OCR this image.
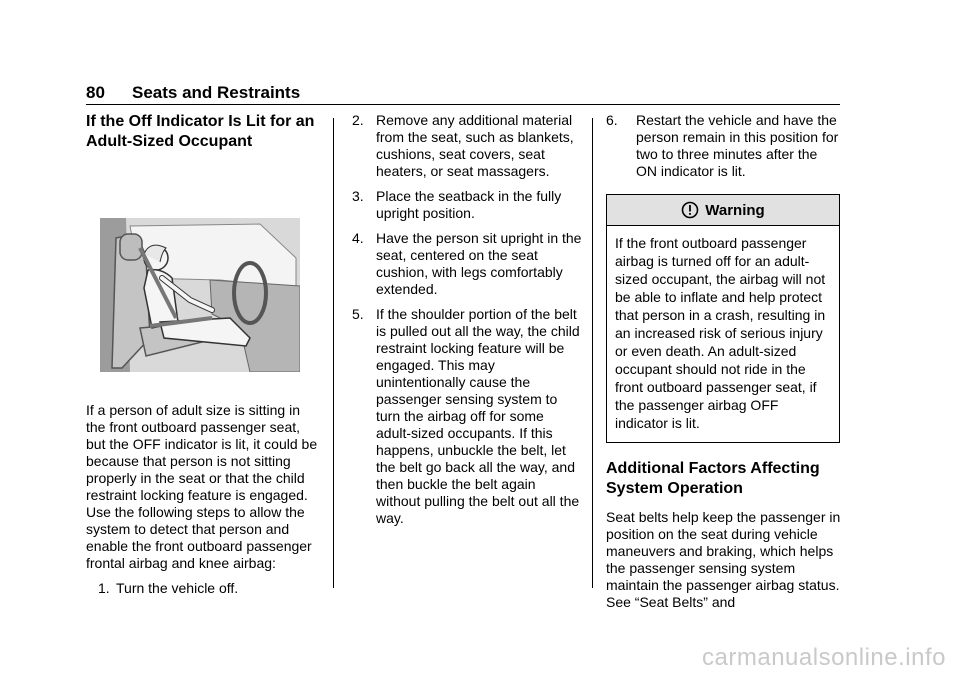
80 Seats and Restraints
If the Off Indicator Is Lit for an Adult-Sized Occupant

If a person of adult size is sitting in the front outboard passenger seat, but the OFF indicator is lit, it could be because that person is not sitting properly in the seat or that the child restraint locking feature is engaged. Use the following steps to allow the system to detect that person and enable the front outboard passenger frontal airbag and knee airbag:

1. Turn the vehicle off.
2. Remove any additional material from the seat, such as blankets, cushions, seat covers, seat heaters, or seat massagers.
3. Place the seatback in the fully upright position.
4. Have the person sit upright in the seat, centered on the seat cushion, with legs comfortably extended.
5. If the shoulder portion of the belt is pulled out all the way, the child restraint locking feature will be engaged. This may unintentionally cause the passenger sensing system to turn the airbag off for some adult-sized occupants. If this happens, unbuckle the belt, let the belt go back all the way, and then buckle the belt again without pulling the belt out all the way.
6. Restart the vehicle and have the person remain in this position for two to three minutes after the ON indicator is lit.
Warning
If the front outboard passenger airbag is turned off for an adult-sized occupant, the airbag will not be able to inflate and help protect that person in a crash, resulting in an increased risk of serious injury or even death. An adult-sized occupant should not ride in the front outboard passenger seat, if the passenger airbag OFF indicator is lit.
Additional Factors Affecting System Operation

Seat belts help keep the passenger in position on the seat during vehicle maneuvers and braking, which helps the passenger sensing system maintain the passenger airbag status. See “Seat Belts” and

carmanualsonline.info
